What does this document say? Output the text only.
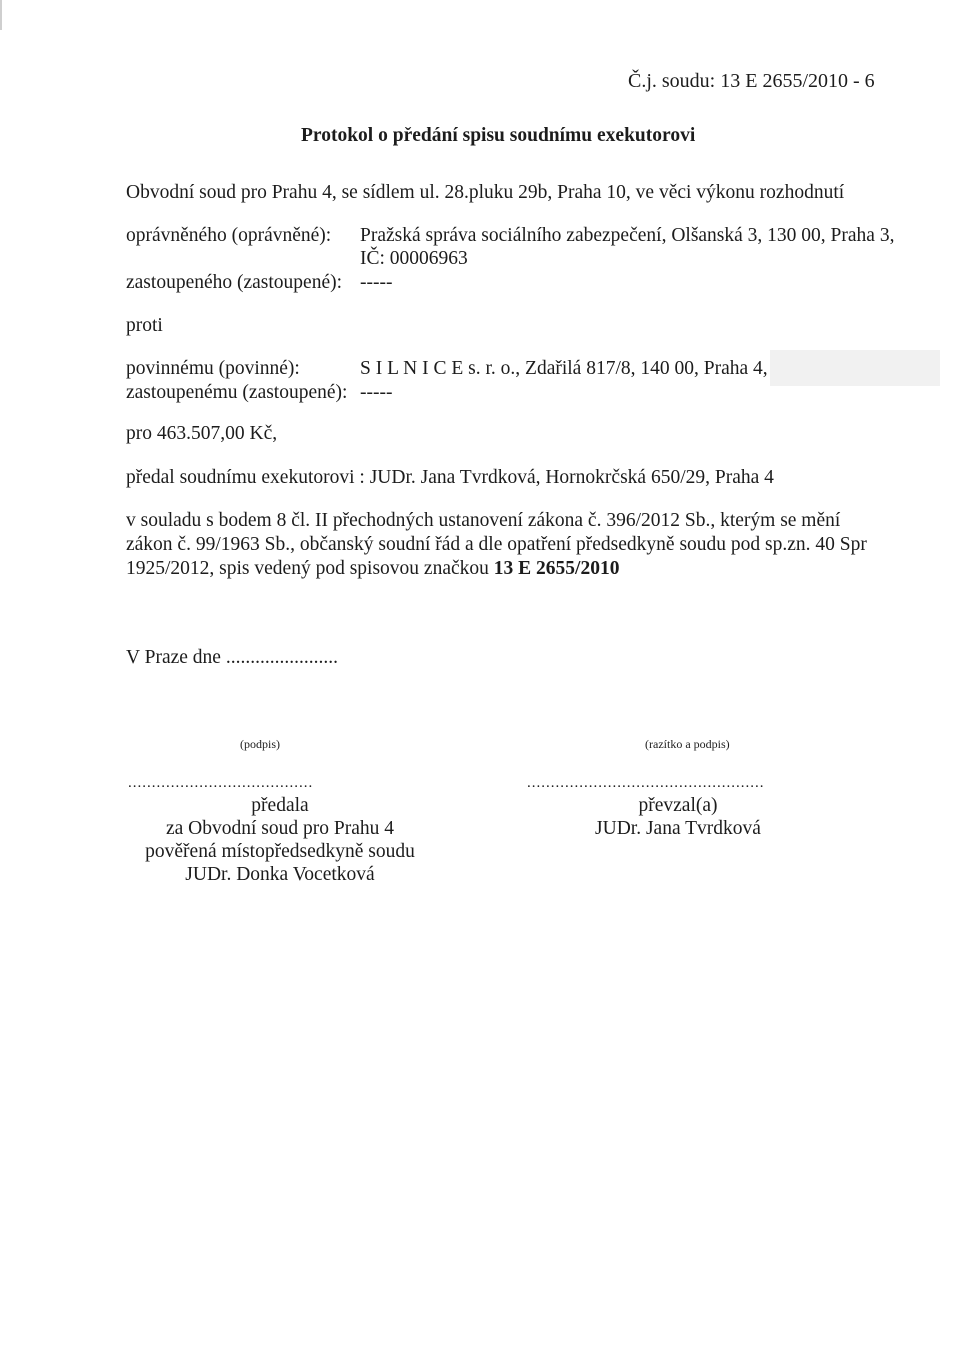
Č.j. soudu: 13 E 2655/2010 - 6
Protokol o předání spisu soudnímu exekutorovi
Obvodní soud pro Prahu 4, se sídlem ul. 28.pluku 29b, Praha 10, ve věci výkonu rozhodnutí
oprávněného (oprávněné): Pražská správa sociálního zabezpečení, Olšanská 3, 130 00, Praha 3,
IČ: 00006963
zastoupeného (zastoupené): -----
proti
povinnému (povinné):	S I L N I C E s. r. o., Zdařilá 817/8, 140 00, Praha 4,
zastoupenému (zastoupené): -----
pro 463.507,00 Kč,
předal soudnímu exekutorovi : JUDr. Jana Tvrdková, Hornokrčská 650/29, Praha 4
v souladu s bodem 8 čl. II přechodných ustanovení zákona č. 396/2012 Sb., kterým se mění
zákon č. 99/1963 Sb., občanský soudní řád a dle opatření předsedkyně soudu pod sp.zn. 40 Spr
1925/2012, spis vedený pod spisovou značkou 13 E 2655/2010
V Praze dne .......................
(podpis)	(razítko a podpis)
.......................................	..................................................
předala
za Obvodní soud pro Prahu 4
pověřená místopředsedkyně soudu
JUDr. Donka Vocetková
převzal(a)
JUDr. Jana Tvrdková
